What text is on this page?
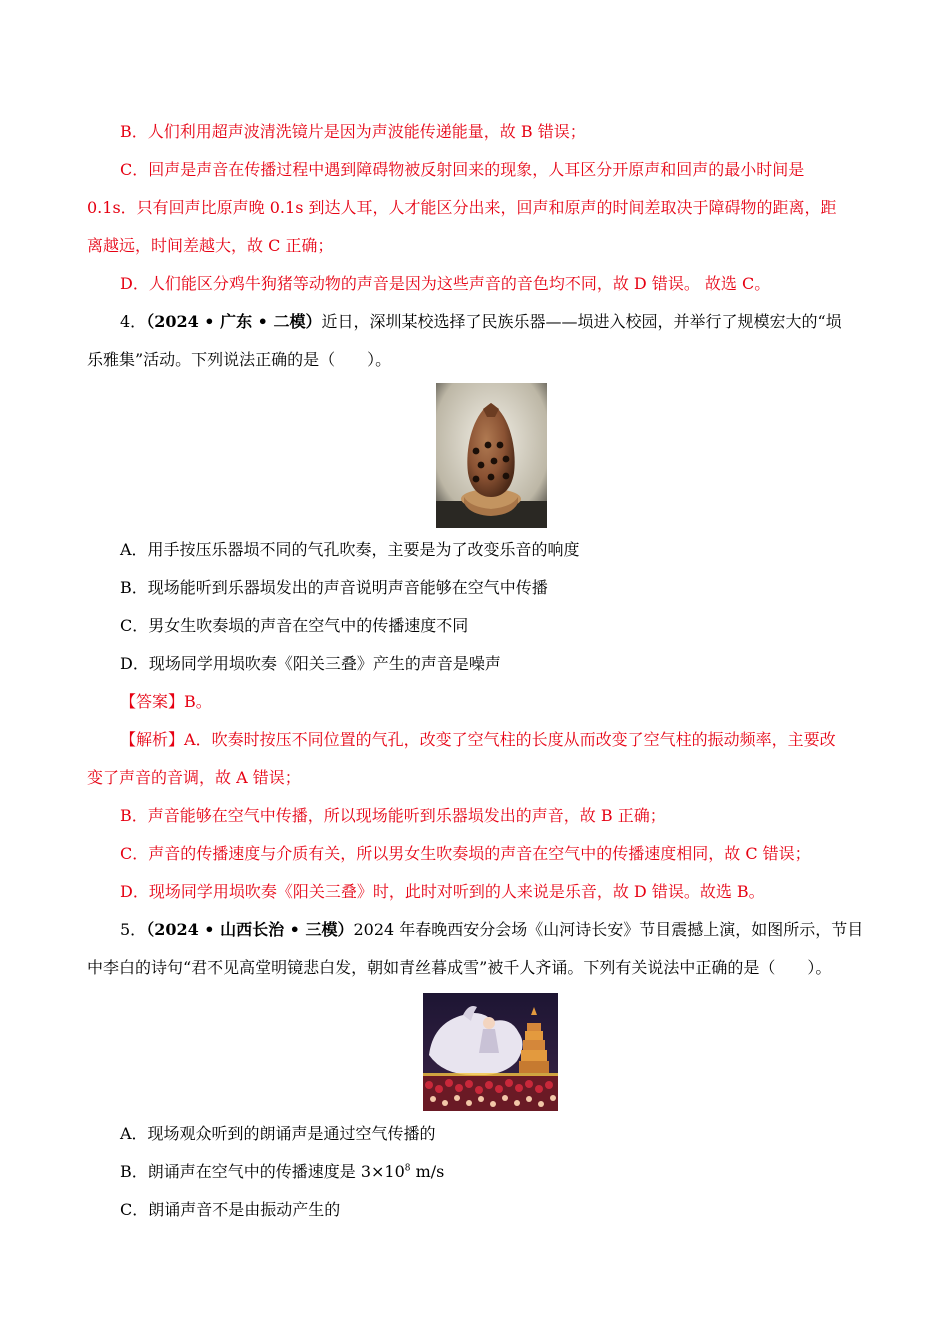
B．人们利用超声波清洗镜片是因为声波能传递能量，故 B 错误；
C．回声是声音在传播过程中遇到障碍物被反射回来的现象，人耳区分开原声和回声的最小时间是
0.1s．只有回声比原声晚 0.1s 到达人耳，人才能区分出来，回声和原声的时间差取决于障碍物的距离，距
离越远，时间差越大，故 C 正确；
D．人们能区分鸡牛狗猪等动物的声音是因为这些声音的音色均不同，故 D 错误。 故选 C。
4．（2024 • 广东 • 二模）近日，深圳某校选择了民族乐器——埙进入校园，并举行了规模宏大的“埙
乐雅集”活动。下列说法正确的是（　　）。
A．用手按压乐器埙不同的气孔吹奏，主要是为了改变乐音的响度
B．现场能听到乐器埙发出的声音说明声音能够在空气中传播
C．男女生吹奏埙的声音在空气中的传播速度不同
D．现场同学用埙吹奏《阳关三叠》产生的声音是噪声
【答案】B。
【解析】A．吹奏时按压不同位置的气孔，改变了空气柱的长度从而改变了空气柱的振动频率，主要改
变了声音的音调，故 A 错误；
B．声音能够在空气中传播，所以现场能听到乐器埙发出的声音，故 B 正确；
C．声音的传播速度与介质有关，所以男女生吹奏埙的声音在空气中的传播速度相同，故 C 错误；
D．现场同学用埙吹奏《阳关三叠》时，此时对听到的人来说是乐音，故 D 错误。故选 B。
5．（2024 • 山西长治 • 三模）2024 年春晚西安分会场《山河诗长安》节目震撼上演，如图所示，节目
中李白的诗句“君不见高堂明镜悲白发，朝如青丝暮成雪”被千人齐诵。下列有关说法中正确的是（　　）。
A．现场观众听到的朗诵声是通过空气传播的
B．朗诵声在空气中的传播速度是 $3\times 10^8$ m/s
C．朗诵声音不是由振动产生的
